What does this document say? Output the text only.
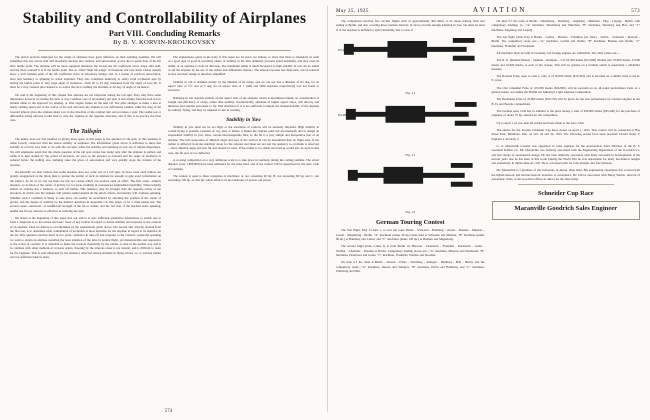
Stability and Controllability of Airplanes
Part VIII. Concluding Remarks
By B. V. KORVIN-KROUKOVSKY

The airfoil sections employed for the wings of airplanes have great influence on their spinning qualities. We will remember that any severe stall will invariably develop into rotation, and autorotation occurs due to quick drop of the lift after burble point. The airplane will be more equipped therefore, the slower the lift coefficient curve drops after stall, and the more rounded it is at the burble point. The so called "high lift wings" of moderate and very thick variety usually show a well rounded peak of the lift coefficient curve in laboratory testing, and, as a matter of practical observation, have less tendency to spinning in actual airplanes. They also contribute indirectly to safety from accidental spin by having the burble point at very large angle of incidence—from 20 to 25 deg. measured from the angle of zero lift. It must be a very careless pilot indeed to so notice that he is stalling the machine at 20 deg. of angle of incidence.

We said at the beginning of this chapter that ailerons are not important during the tail spin. They may have some importance however in starting the spin. A very common case of involuntary tail spin is and arising from the turn at low altitude either in the approach for landing, or after engine failure on the take off. The pilot attempts to make a turn at nearly stalling speed and in the course of the turn discovers the airplane is not sufficiently banked, while the drag of the lowered aileron gives the airplane sharp yaw in the direction of the original turn and provokes a spin. The rudder-out or differential acting ailerons would tend to cure the airplane in the opposite direction, and if this is in practice the final cure.

The Tailspin

The author does not feel justified in giving more space in this paper to the question of tail spin, as this question is rather loosely connected with the lateral stability of airplanes. The information given above is sufficient to show that stability in roll has very little to do with the tail spin, while the stability and damping in yaw are of utmost importance. We will emphasize again that the whole question of the tail spin comes into being only after the airplane is stalled, and while it is kept stalled by the action of elevators. As soon as the elevator is released and the angle of incidence is reduced below the stalling one, damping takes the place of autorotation and very quickly stops the rotation of the airplane.

Occasionally we hear rumors that some airplane does not come out of a tail spin. In most cases such rumors are greatly exaggerated as the pilots then to pursue the testing of such an airplane far enough to gain exact information on the subject. As far as we can see there are but two causes which can produce such an effect. The first cause—namely unusual—is location of the center of gravity too far back, resulting in pronounced longitudinal instability. When initially stalled an airplane has a tendency to stall off further. This tendency may be stronger than the opposite action of the elevators, in which case the airplane will remain stalled despite all the pilot's efforts, and thereby will continue spinning. Whether such a condition is likely to take place can readily be ascertained by checking the position of the center of gravity and the degree of stability by the method described in Appendix I to this paper, or by a wind tunnel test. The second cause—structural—is insufficient strength of the fin or rudder, and the fact that, if the airplane starts spinning, neither the fin nor elevator is effective in reducing the spin.

We stated at the beginning of this paper that our aim is to give sufficient qualitative information to enable one to form a diagnosis as to the nature and basic cause of any trouble in regard to lateral stability and response to the controls of an airplane. Thus we believe is accomplished by the explanations given above. Our second aim, directly derived from the first one, is to determine what combination of properties is most desirable for the airplane in regard to its behavior in the air. This question resolves itself in two parts—behavior in take-off and response to the controls. Generally speaking we want to obtain an airplane requiring the least attention of the pilot in normal flight, yet maneuverable and responsive to the action of controls. It is desirable to make the controls essentially by the rudder, so that in the normal way and is in common with other methods of traverse action. Steering by the ailerons alone is not natural, and is difficult to learn for the beginner. This is well illustrated by the tendency observed among students in flying school, i.e. to execute rudder and not sufficient bank in turns.

The explanations given in the body of this paper are all exact, we believe, to show that there is absolutely no term of a good deal of good in providing plenty of stability in all. This definitely prevents spiral instability, and may even be ability of an airplane to hold its direction. The maximum utility is much increased so high stability in roll can be added to aid the airplane by the use of the rudder and differential ailerons. The ailerons become less important, can be reduced in size and their design is therefore simplified.

Stability in roll is obtained mostly by the dihedral of its wings, and we can say that a dihedral of 4½ deg. for an aspect ratio of 5½, and of 5 deg. for an aspect ratio of 7 (AR) and 5000 airplanes respectively) was not found to excessive.

Damping in roll depends entirely on the aspect ratio of the airplane, which is determined mainly on consideration of weight and efficiency of wings, rather than stability. Geometrically, airplanes of higher aspect ratios, will directly and therefore feel steadier and easier to fly. This shortness of it is not sufficient to impair the maneuverability of the airplane in ordinary flying, and may be adjusted to suit in evading.

Stability in Yaw

Stability in yaw must not be too high, or the enormous of controls will be seriously impaired. High stability in certain flying is possible variation of, say, plus or minus; it makes the airplane quiet but not markedly and to design an exponential stability in yaw, allow certain interchangeable flies, so the fin is a very simple and inexpensive part of an airplane. The best proportion of dihedral angle and area of the vertical in can be determined thus by flight tests. If the rudder is deflected from the stabilizer about for the ailerons and these are not and the tendency to overbank is observed—more dihedral angle and less fin area should be used. If the rudder is too much and reverse would also be used in this case, the fin area of too deflected.

A co-ating competition on a very ambitious scale is to take place in Germany during the coming summer. The actual distance (over 1,800,000) have been estimated for the prize fund, and of the contest will be supervised by the Aero Club of Germany.

The contest is open to three categories of machines: A, not consisting 40 hp; B, not exceeding 60 hp; and C, not exceeding 100 hp, so that the whole affair is in the landscape of non-so-out power.

574
May 25, 1925	AVIATION	573

The competition involves five circular flights each of approximately 400 miles, to be made starting from and ending at Berlin, and also covering three German districts; in all no provide enough damping in yaw, but must be used if of the airplane is inclined to spiral instability due to lack of

JN-4
Fig. 14
JN-4H
Fig. 15
Fig. 16
German Touring Contest

The first flight, May 31-June 1, is over the route Berlin - Schwerin - Hamburg - Altona - Bremen - Munster - Cassel - Magdeburg - Berlin. "A" machines (under 40 hp.) must land at Schwerin and Munster, "B" machines (under 99 hp.) at Hamburg and Cassel, and "C" machines (under 120 hp.) at Bremen and Magdeburg.

The second flight (June 2-June 3) is from Berlin via Hanover - Paderborn - Frankfurt - Darmstadt - Gotha - Weimar - Chemnitz - Dresden to Berlin. Compulsory landing places are—"A" machines, Hanover and Darmstadt, "B" machines, Paderborn and Gotha, "C" machines, Frankfurt, Weimar and Dresden.

On June 4-5 the route is Berlin - Dessau - Erfurt - Wurzburg - Stuttgart - Bamberg - Hall - Berlin; and the compulsory stops—"A" machines, Dessau and Stuttgart, "B" machines, Erfurt and Bamberg, and "C" machines, Wurzburg and Hall.

On June 6-7 the route is Berlin - Nuremberg - Nurnberg - Augsburg - Munchen - Hop - Leipzig - Berlin, with compulsory landings at:—"A" machines, Nuremberg and Munchen, "B" machines, Nurnberg and Hof, and "C" machines, Augsburg and Leipzig.

The last flight (June 8-9) is Berlin - Gorlitz - Breslau - Frankfurt (on Oder) - Stettin - Stralsund - Rostock - Berlin. The compulsory stops are:—"A" machines, Gorlitz and Stettin, "B" machines, Breslau and Stettin, "C" machines, Frankfurt and Stralsund.

All machines must be built in Germany, but foreign engines are admissible. The chief prizes are:—

The R. E. (Rentner-Hansa) - Siemens - Rumpler - 3 of 62,500 marks ($15,000) divided into 25,000 marks, 15,000 marks and 10,000 marks, is each of the classes. This will be granted on a formula which is essentially a reliability measure.

The Rosbale Prize, open to class C only, is of 50,000 marks ($12,500), and is awarded on a similar basis to the R. E. prize.

The Otto Lilienthal Prize of 105,000 marks ($24,990), will be awarded on an all-round performance basis of a general nature, not unlike the British Air Ministry's Light Airplane Competition.

The Holzleithe Prize of 45,000 marks ($10,710) will be given for the best performance by German engines in the B. D. and Bosche competitions.

The German Aero Club has in addition to the prize money a sum of 400,000 marks ($95,200) for the purchase of airplanes of under 70 hp. entered for the competition.

Up to April 1 no less than 96 entries had been made to the Aero Club.

The entries for the Jacques Schneider Cup Race closed on April 1, 1925. This contest will be conducted at Bay Shore Park, Baltimore, Md., on Oct. 24 and 24, 1925. The following entries have been received: United States 3; England 2 and Italy 2.

G. A. Maranville recently was appointed as sales engineer for the Aeronautical Sales Division of the B. F. Goodrich Rubber Co. Mr. Maranville was formerly associated with the Engineering Department of the Goodrich Co. and had charge of aeronautical design. He has been distinctly associated with many aeronautical developments in the several years that he has been in this work. During the World War he was responsible for many mechanical designs and extensively in lighter-than-air craft. He is a licensed pilot for both airships and free balloons.

Mr. Maranville is a graduate of the University of Akron, Ohio field. His engineering experience has covered both the lighter-than-air and heavier-than-air branches of aeronautics. He will be associated with Henry Warber, director of Aeronautic Sales, at the Goodrich offices in Akron for the time being.

Schneider Cup Race

Maranville Goodrich Sales Engineer
